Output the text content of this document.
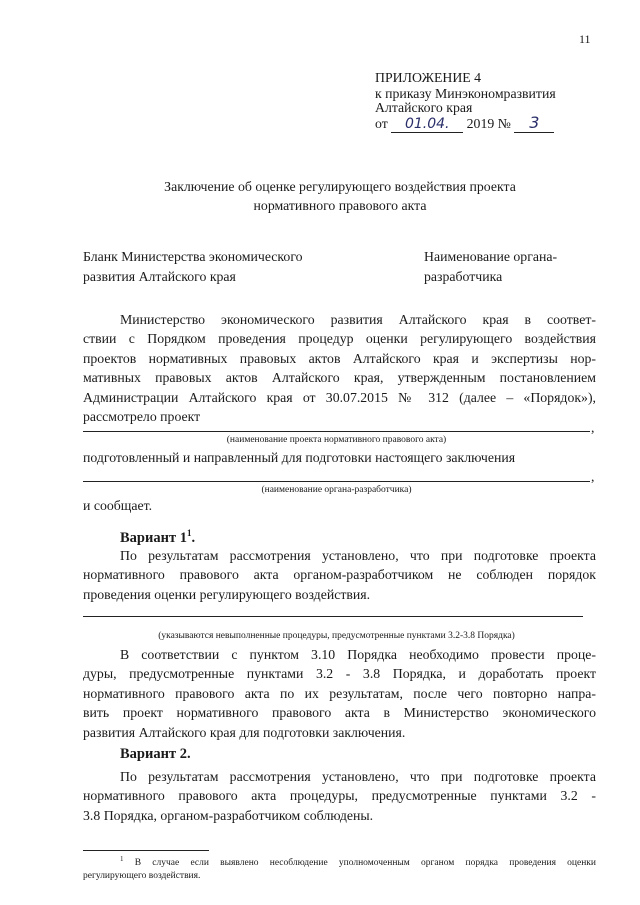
11
ПРИЛОЖЕНИЕ 4
к приказу Минэкономразвития
Алтайского края
от 01.04. 2019 № 3
Заключение об оценке регулирующего воздействия проекта
нормативного правового акта
Бланк Министерства экономического
развития Алтайского края
Наименование органа-
разработчика
Министерство экономического развития Алтайского края в соответ-
ствии с Порядком проведения процедур оценки регулирующего воздействия
проектов нормативных правовых актов Алтайского края и экспертизы нор-
мативных правовых актов Алтайского края, утвержденным постановлением
Администрации Алтайского края от 30.07.2015 № 312 (далее – «Порядок»),
рассмотрело проект
,
(наименование проекта нормативного правового акта)
подготовленный и направленный для подготовки настоящего заключения
,
(наименование органа-разработчика)
и сообщает.
Вариант $1^1$.
По результатам рассмотрения установлено, что при подготовке проекта
нормативного правового акта органом-разработчиком не соблюден порядок
проведения оценки регулирующего воздействия.
(указываются невыполненные процедуры, предусмотренные пунктами 3.2-3.8 Порядка)
В соответствии с пунктом 3.10 Порядка необходимо провести проце-
дуры, предусмотренные пунктами 3.2 - 3.8 Порядка, и доработать проект
нормативного правового акта по их результатам, после чего повторно напра-
вить проект нормативного правового акта в Министерство экономического
развития Алтайского края для подготовки заключения.
Вариант 2.
По результатам рассмотрения установлено, что при подготовке проекта
нормативного правового акта процедуры, предусмотренные пунктами 3.2 -
3.8 Порядка, органом-разработчиком соблюдены.
$^1$ В случае если выявлено несоблюдение уполномоченным органом порядка проведения оценки
регулирующего воздействия.
